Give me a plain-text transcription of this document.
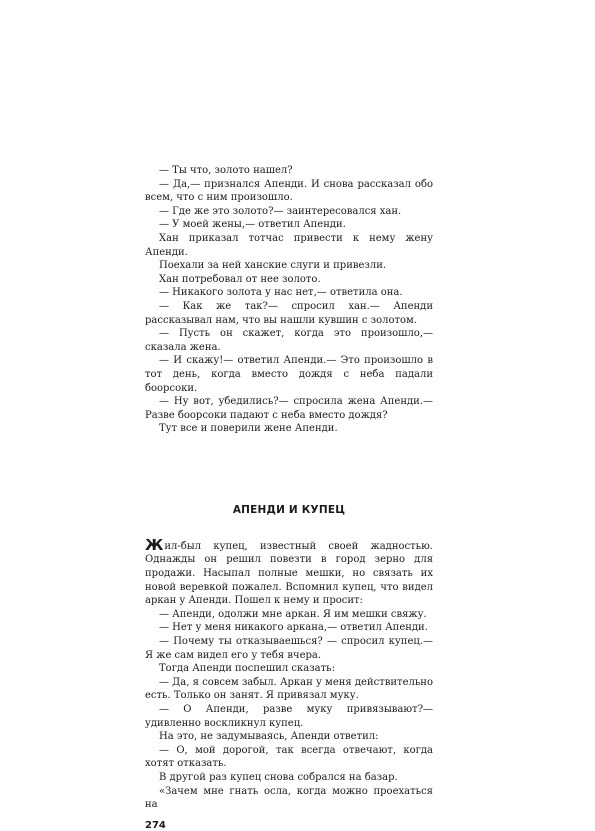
— Ты что, золото нашел?

— Да,— признался Апенди. И снова рассказал обо всем, что с ним произошло.

— Где же это золото?— заинтересовался хан.

— У моей жены,— ответил Апенди.

Хан приказал тотчас привести к нему жену Апенди.

Поехали за ней ханские слуги и привезли.

Хан потребовал от нее золото.

— Никакого золота у нас нет,— ответила она.

— Как же так?— спросил хан.— Апенди рассказывал нам, что вы нашли кувшин с золотом.

— Пусть он скажет, когда это произошло,— сказала жена.

— И скажу!— ответил Апенди.— Это произошло в тот день, когда вместо дождя с неба падали боорсоки.

— Ну вот, убедились?— спросила жена Апенди.— Разве боорсоки падают с неба вместо дождя?

Тут все и поверили жене Апенди.

АПЕНДИ И КУПЕЦ

Жил-был купец, известный своей жадностью. Однажды он решил повезти в город зерно для продажи. Насыпал полные мешки, но связать их новой веревкой пожалел. Вспомнил купец, что видел аркан у Апенди. Пошел к нему и просит:

— Апенди, одолжи мне аркан. Я им мешки свяжу.

— Нет у меня никакого аркана,— ответил Апенди.

— Почему ты отказываешься? — спросил купец.— Я же сам видел его у тебя вчера.

Тогда Апенди поспешил сказать:

— Да, я совсем забыл. Аркан у меня действительно есть. Только он занят. Я привязал муку.

— О Апенди, разве муку привязывают?— удивленно воскликнул купец.

На это, не задумываясь, Апенди ответил:

— О, мой дорогой, так всегда отвечают, когда хотят отказать.

В другой раз купец снова собрался на базар.

«Зачем мне гнать осла, когда можно проехаться на

274
